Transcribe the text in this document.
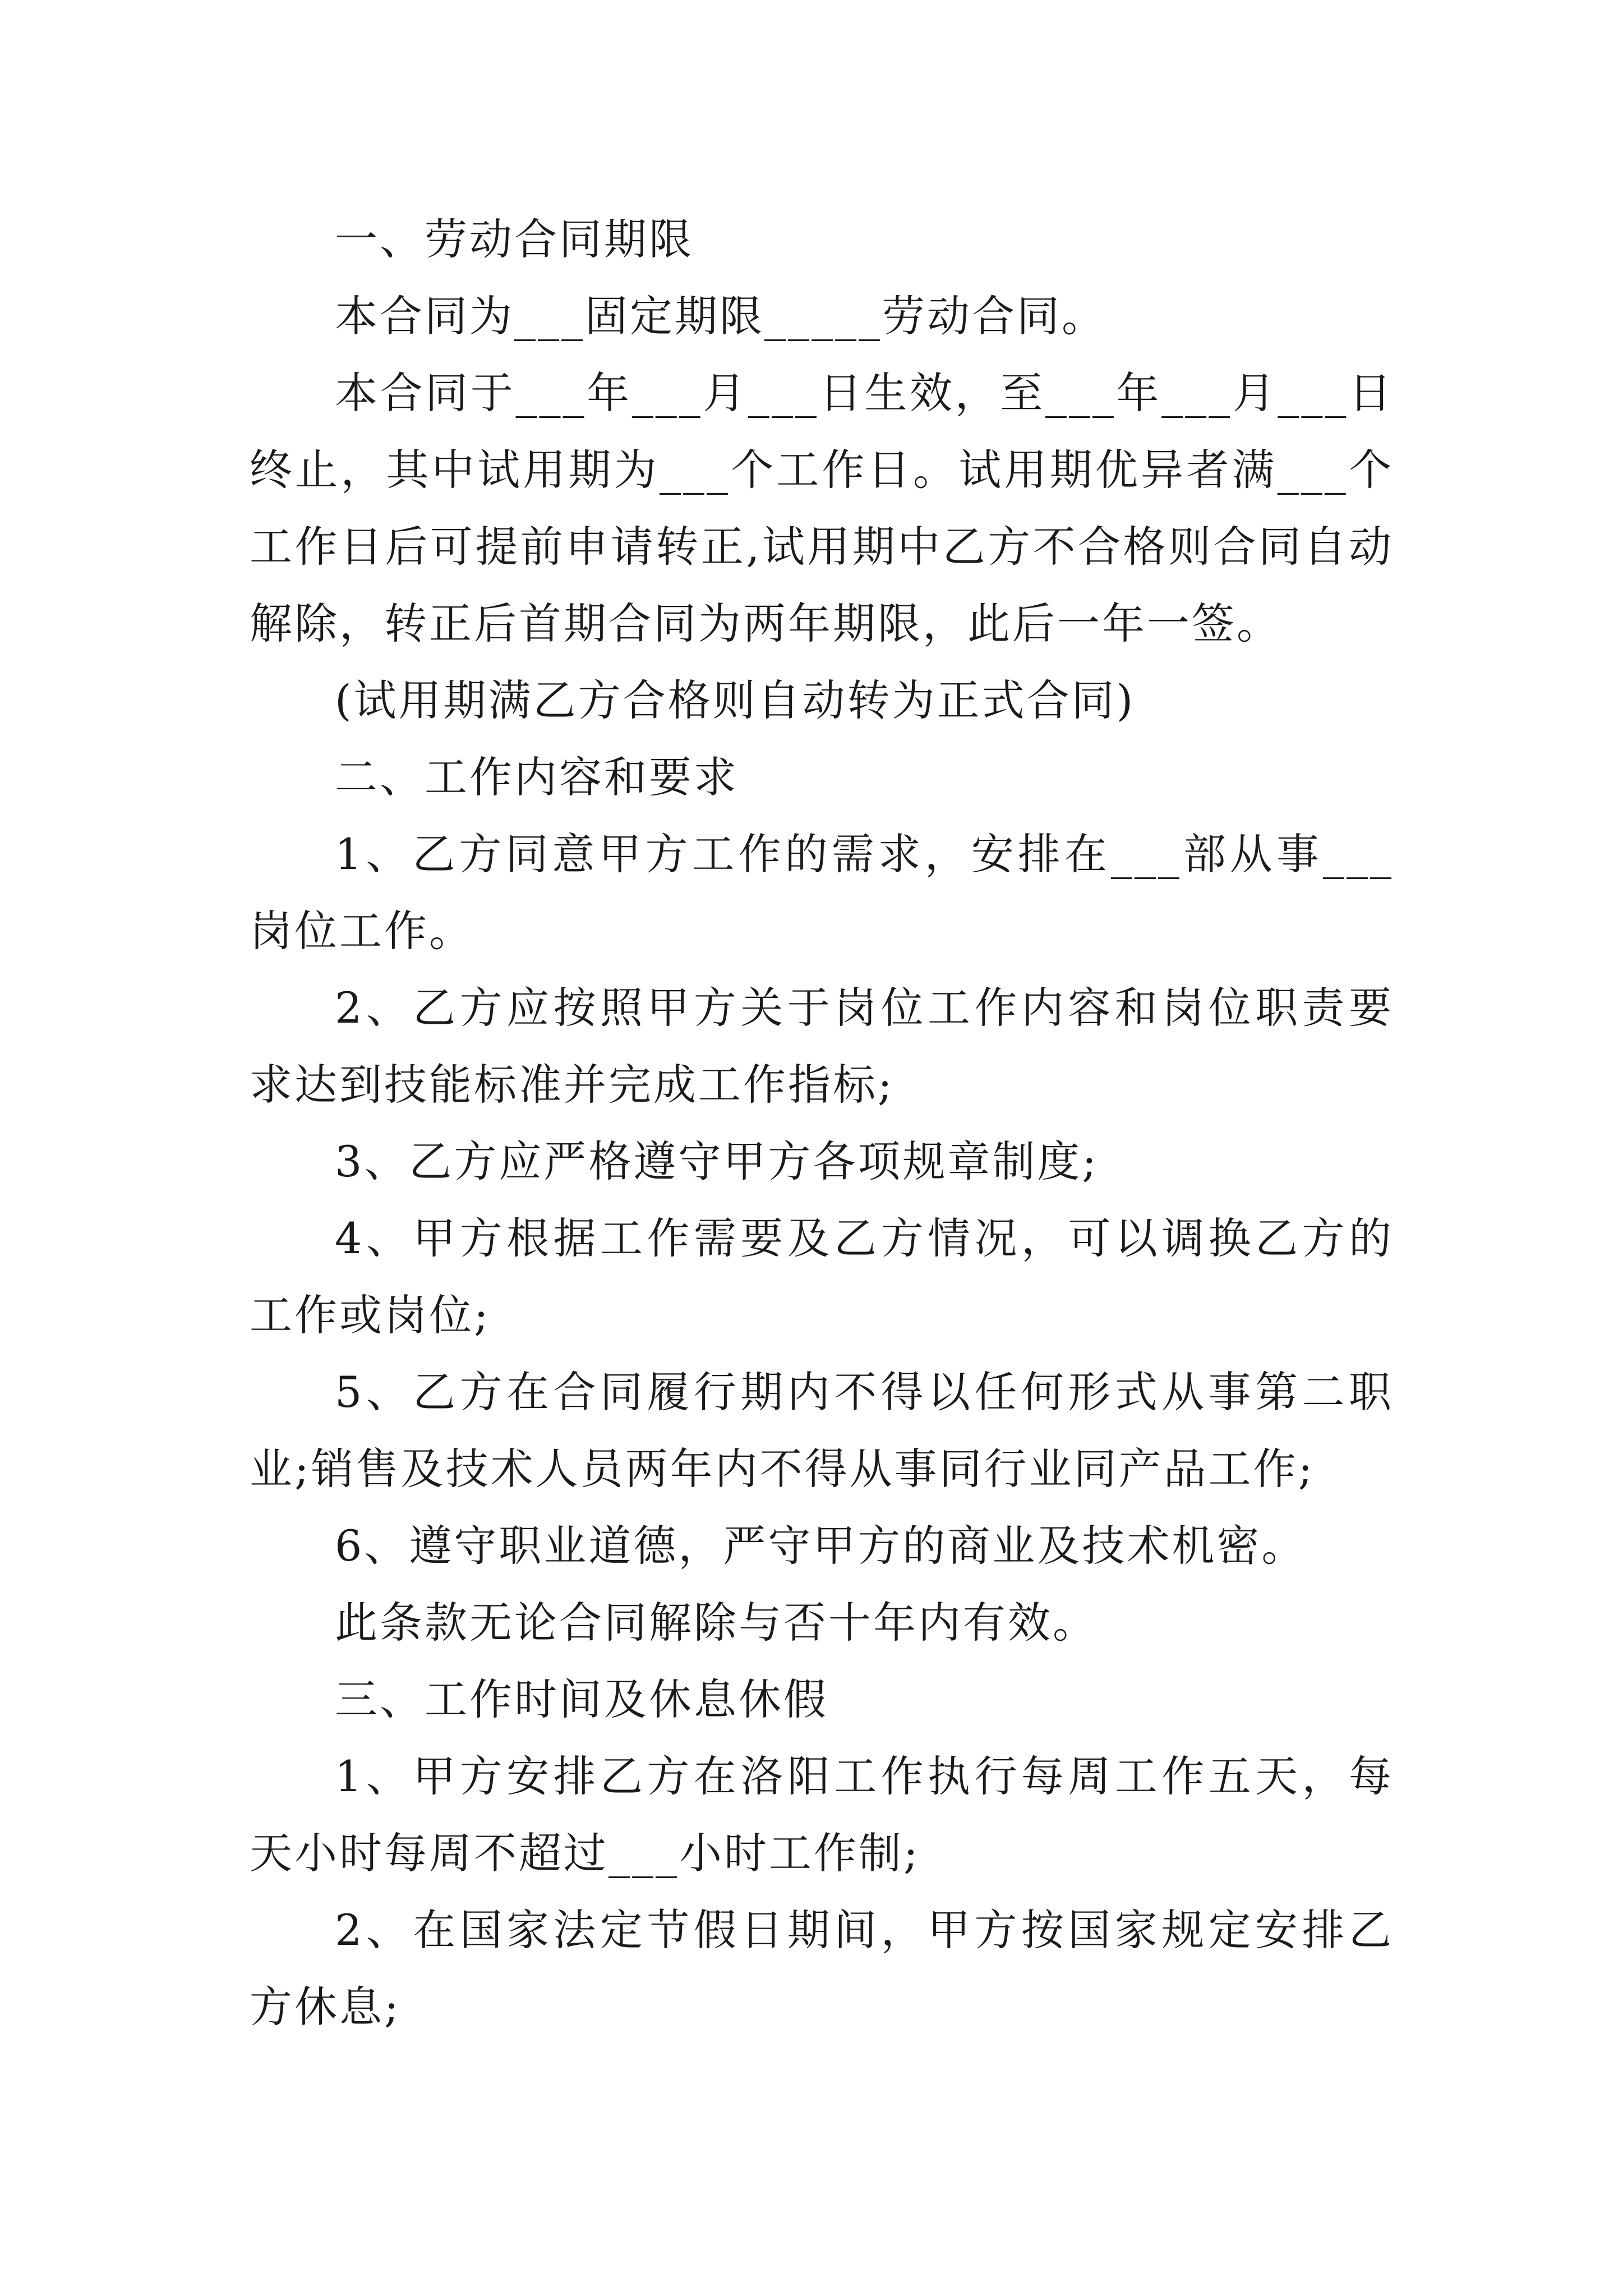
一、劳动合同期限

本合同为___固定期限_____劳动合同。

本合同于___年___月___日生效，至___年___月___日终止，其中试用期为___个工作日。试用期优异者满___个工作日后可提前申请转正,试用期中乙方不合格则合同自动解除，转正后首期合同为两年期限，此后一年一签。

(试用期满乙方合格则自动转为正式合同)

二、工作内容和要求

1、乙方同意甲方工作的需求，安排在___部从事___岗位工作。

2、乙方应按照甲方关于岗位工作内容和岗位职责要求达到技能标准并完成工作指标;

3、乙方应严格遵守甲方各项规章制度;

4、甲方根据工作需要及乙方情况，可以调换乙方的工作或岗位;

5、乙方在合同履行期内不得以任何形式从事第二职业;销售及技术人员两年内不得从事同行业同产品工作;

6、遵守职业道德，严守甲方的商业及技术机密。

此条款无论合同解除与否十年内有效。

三、工作时间及休息休假

1、甲方安排乙方在洛阳工作执行每周工作五天，每天小时每周不超过___小时工作制;

2、在国家法定节假日期间，甲方按国家规定安排乙方休息;
